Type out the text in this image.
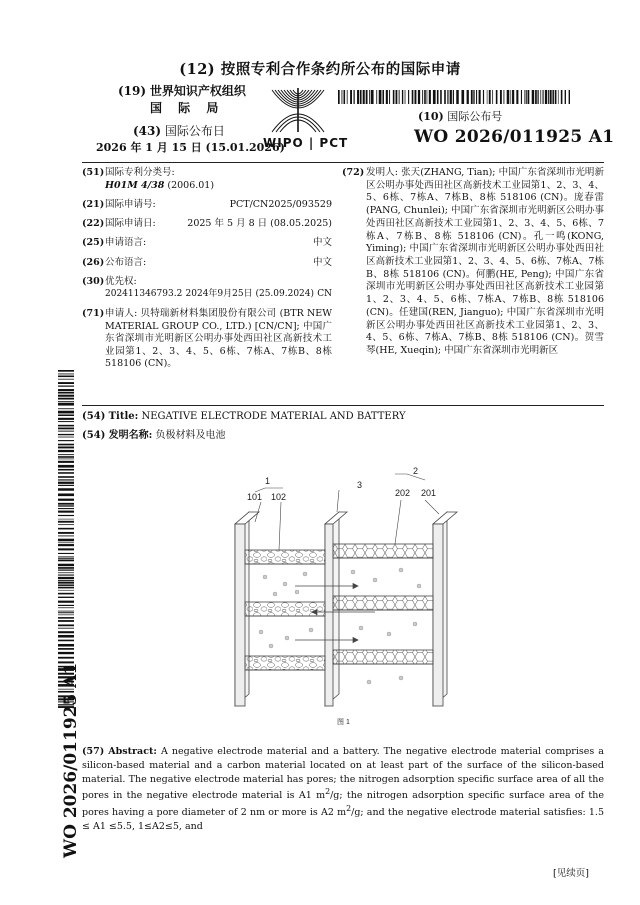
(12) 按照专利合作条约所公布的国际申请
(19) 世界知识产权组织
国 际 局
(43) 国际公布日
2026 年 1 月 15 日 (15.01.2026)
WIPO | PCT
(10) 国际公布号
WO 2026/011925 A1
(51) 国际专利分类号:
H01M 4/38 (2006.01)
(21) 国际申请号:	PCT/CN2025/093529
(22) 国际申请日:	2025 年 5 月 8 日 (08.05.2025)
(25) 申请语言:	中文
(26) 公布语言:	中文
(30) 优先权:
202411346793.2 2024年9月25日 (25.09.2024) CN
(71) 申请人: 贝特瑞新材料集团股份有限公司 (BTR NEW MATERIAL GROUP CO., LTD.) [CN/CN]; 中国广东省深圳市光明新区公明办事处西田社区高新技术工业园第1、2、3、4、5、6栋、7栋A、7栋B、8栋 518106 (CN)。
(72) 发明人: 张天(ZHANG, Tian); 中国广东省深圳市光明新区公明办事处西田社区高新技术工业园第1、2、3、4、5、6栋、7栋A、7栋B、8栋 518106 (CN)。庞春雷(PANG, Chunlei); 中国广东省深圳市光明新区公明办事处西田社区高新技术工业园第1、2、3、4、5、6栋、7栋A、7栋B、8栋 518106 (CN)。孔一鸣(KONG, Yiming); 中国广东省深圳市光明新区公明办事处西田社区高新技术工业园第1、2、3、4、5、6栋、7栋A、7栋B、8栋 518106 (CN)。何鹏(HE, Peng); 中国广东省深圳市光明新区公明办事处西田社区高新技术工业园第1、2、3、4、5、6栋、7栋A、7栋B、8栋 518106 (CN)。任建国(REN, Jianguo); 中国广东省深圳市光明新区公明办事处西田社区高新技术工业园第1、2、3、4、5、6栋、7栋A、7栋B、8栋 518106 (CN)。贺雪琴(HE, Xueqin); 中国广东省深圳市光明新区
WO 2026/011925 A1
(54) Title: NEGATIVE ELECTRODE MATERIAL AND BATTERY
(54) 发明名称: 负极材料及电池
1
101 102
3
2
202 201
图 1
(57) Abstract: A negative electrode material and a battery. The negative electrode material comprises a silicon-based material and a carbon material located on at least part of the surface of the silicon-based material. The negative electrode material has pores; the nitrogen adsorption specific surface area of all the pores in the negative electrode material is A1 $m^2/g$; the nitrogen adsorption specific surface area of the pores having a pore diameter of 2 nm or more is A2 $m^2/g$; and the negative electrode material satisfies: 1.5 ≤ A1 ≤5.5, 1≤A2≤5, and
[见续页]
